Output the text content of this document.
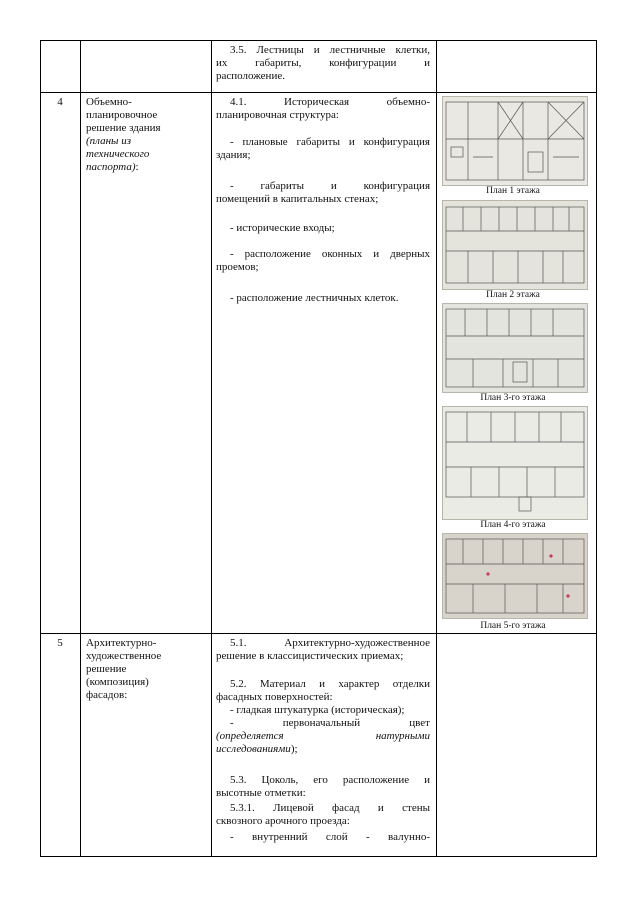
3.5. Лестницы и лестничные клетки,
их габариты, конфигурации и
расположение.
4	Объемно-
планировочное
решение здания
(планы из
технического
паспорта):
4.1. Историческая объемно-
планировочная структура:
- плановые габариты и конфигурация
здания;
- габариты и конфигурация
помещений в капитальных стенах;
- исторические входы;
- расположение оконных и дверных
проемов;
- расположение лестничных клеток.
План 1 этажа
План 2 этажа
План 3-го этажа
План 4-го этажа
План 5-го этажа
5	Архитектурно-
художественное
решение
(композиция)
фасадов:
5.1. Архитектурно-художественное
решение в классицистических приемах;
5.2. Материал и характер отделки
фасадных поверхностей:
- гладкая штукатурка (историческая);
- первоначальный цвет
(определяется натурными
исследованиями);
5.3. Цоколь, его расположение и
высотные отметки:
5.3.1. Лицевой фасад и стены
сквозного арочного проезда:
- внутренний слой - валунно-
